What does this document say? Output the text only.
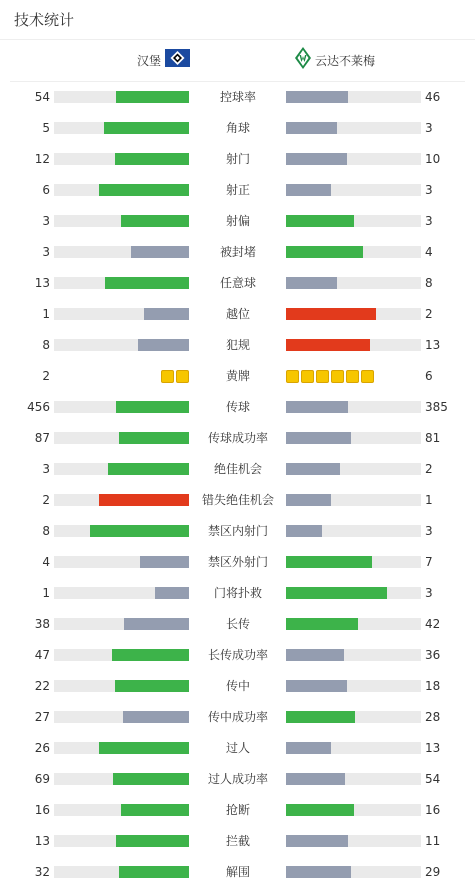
技术统计
汉堡	云达不莱梅
54	控球率	46
5	角球	3
12	射门	10
6	射正	3
3	射偏	3
3	被封堵	4
13	任意球	8
1	越位	2
8	犯规	13
2	黄牌	6
456	传球	385
87	传球成功率	81
3	绝佳机会	2
2	错失绝佳机会	1
8	禁区内射门	3
4	禁区外射门	7
1	门将扑救	3
38	长传	42
47	长传成功率	36
22	传中	18
27	传中成功率	28
26	过人	13
69	过人成功率	54
16	抢断	16
13	拦截	11
32	解围	29
